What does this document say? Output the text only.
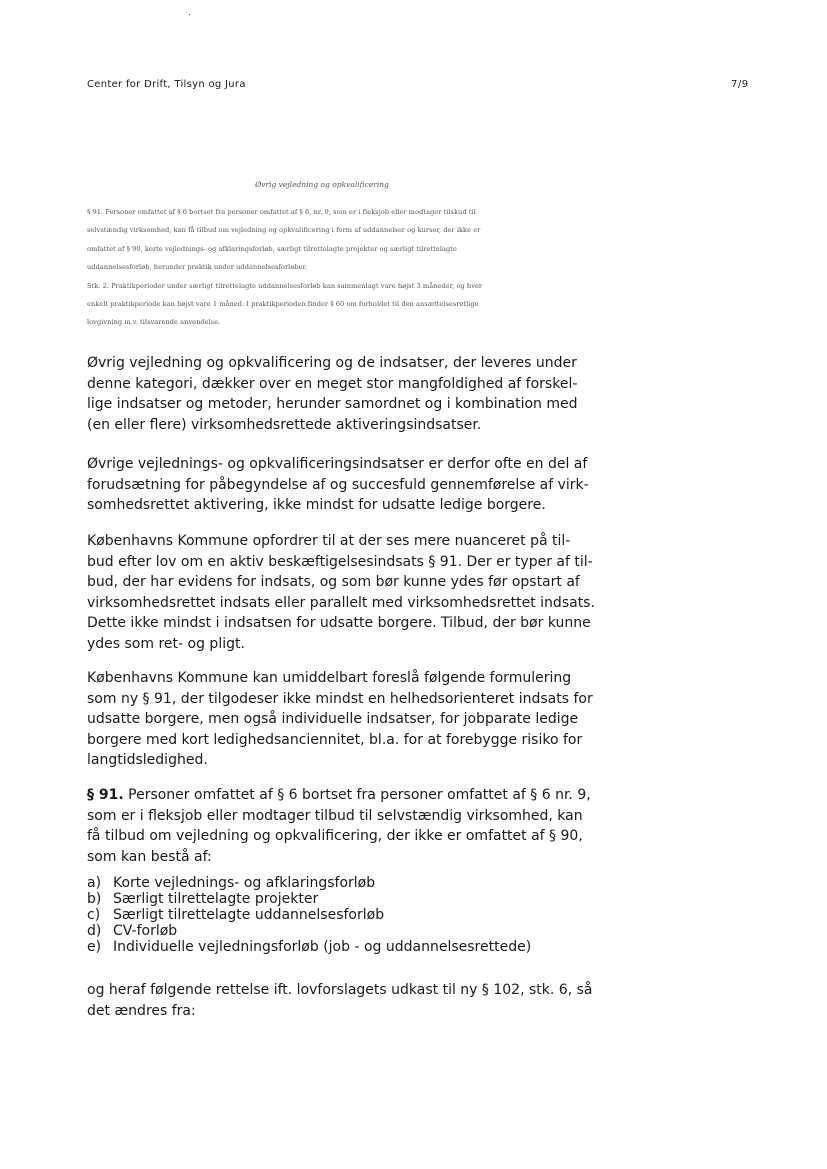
Center for Drift, Tilsyn og Jura	7/9
Øvrig vejledning og opkvalificering

§ 91. Personer omfattet af § 6 bortset fra personer omfattet af § 6, nr. 9, som er i fleksjob eller modtager tilskud til
selvstændig virksomhed, kan få tilbud om vejledning og opkvalificering i form af uddannelser og kurser, der ikke er
omfattet af § 90, korte vejlednings- og afklaringsforløb, særligt tilrettelagte projekter og særligt tilrettelagte
uddannelsesforløb, herunder praktik under uddannelsesforløber.

Stk. 2. Praktikperioder under særligt tilrettelagte uddannelsesforløb kan sammenlagt vare højst 3 måneder, og hver
enkelt praktikperiode kan højst vare 1 måned. I praktikperioden finder § 60 om forholdet til den ansættelsesretlige
lovgivning m.v. tilsvarende anvendelse.

Øvrig vejledning og opkvalificering og de indsatser, der leveres under
denne kategori, dækker over en meget stor mangfoldighed af forskel-
lige indsatser og metoder, herunder samordnet og i kombination med
(en eller flere) virksomhedsrettede aktiveringsindsatser.
Øvrige vejlednings- og opkvalificeringsindsatser er derfor ofte en del af
forudsætning for påbegyndelse af og succesfuld gennemførelse af virk-
somhedsrettet aktivering, ikke mindst for udsatte ledige borgere.
Københavns Kommune opfordrer til at der ses mere nuanceret på til-
bud efter lov om en aktiv beskæftigelsesindsats § 91. Der er typer af til-
bud, der har evidens for indsats, og som bør kunne ydes før opstart af
virksomhedsrettet indsats eller parallelt med virksomhedsrettet indsats.
Dette ikke mindst i indsatsen for udsatte borgere. Tilbud, der bør kunne
ydes som ret- og pligt.
Københavns Kommune kan umiddelbart foreslå følgende formulering
som ny § 91, der tilgodeser ikke mindst en helhedsorienteret indsats for
udsatte borgere, men også individuelle indsatser, for jobparate ledige
borgere med kort ledighedsanciennitet, bl.a. for at forebygge risiko for
langtidsledighed.
§ 91. Personer omfattet af § 6 bortset fra personer omfattet af § 6 nr. 9,
som er i fleksjob eller modtager tilbud til selvstændig virksomhed, kan
få tilbud om vejledning og opkvalificering, der ikke er omfattet af § 90,
som kan bestå af:
a) Korte vejlednings- og afklaringsforløb
b) Særligt tilrettelagte projekter
c) Særligt tilrettelagte uddannelsesforløb
d) CV-forløb
e) Individuelle vejledningsforløb (job - og uddannelsesrettede)
og heraf følgende rettelse ift. lovforslagets udkast til ny § 102, stk. 6, så
det ændres fra:
